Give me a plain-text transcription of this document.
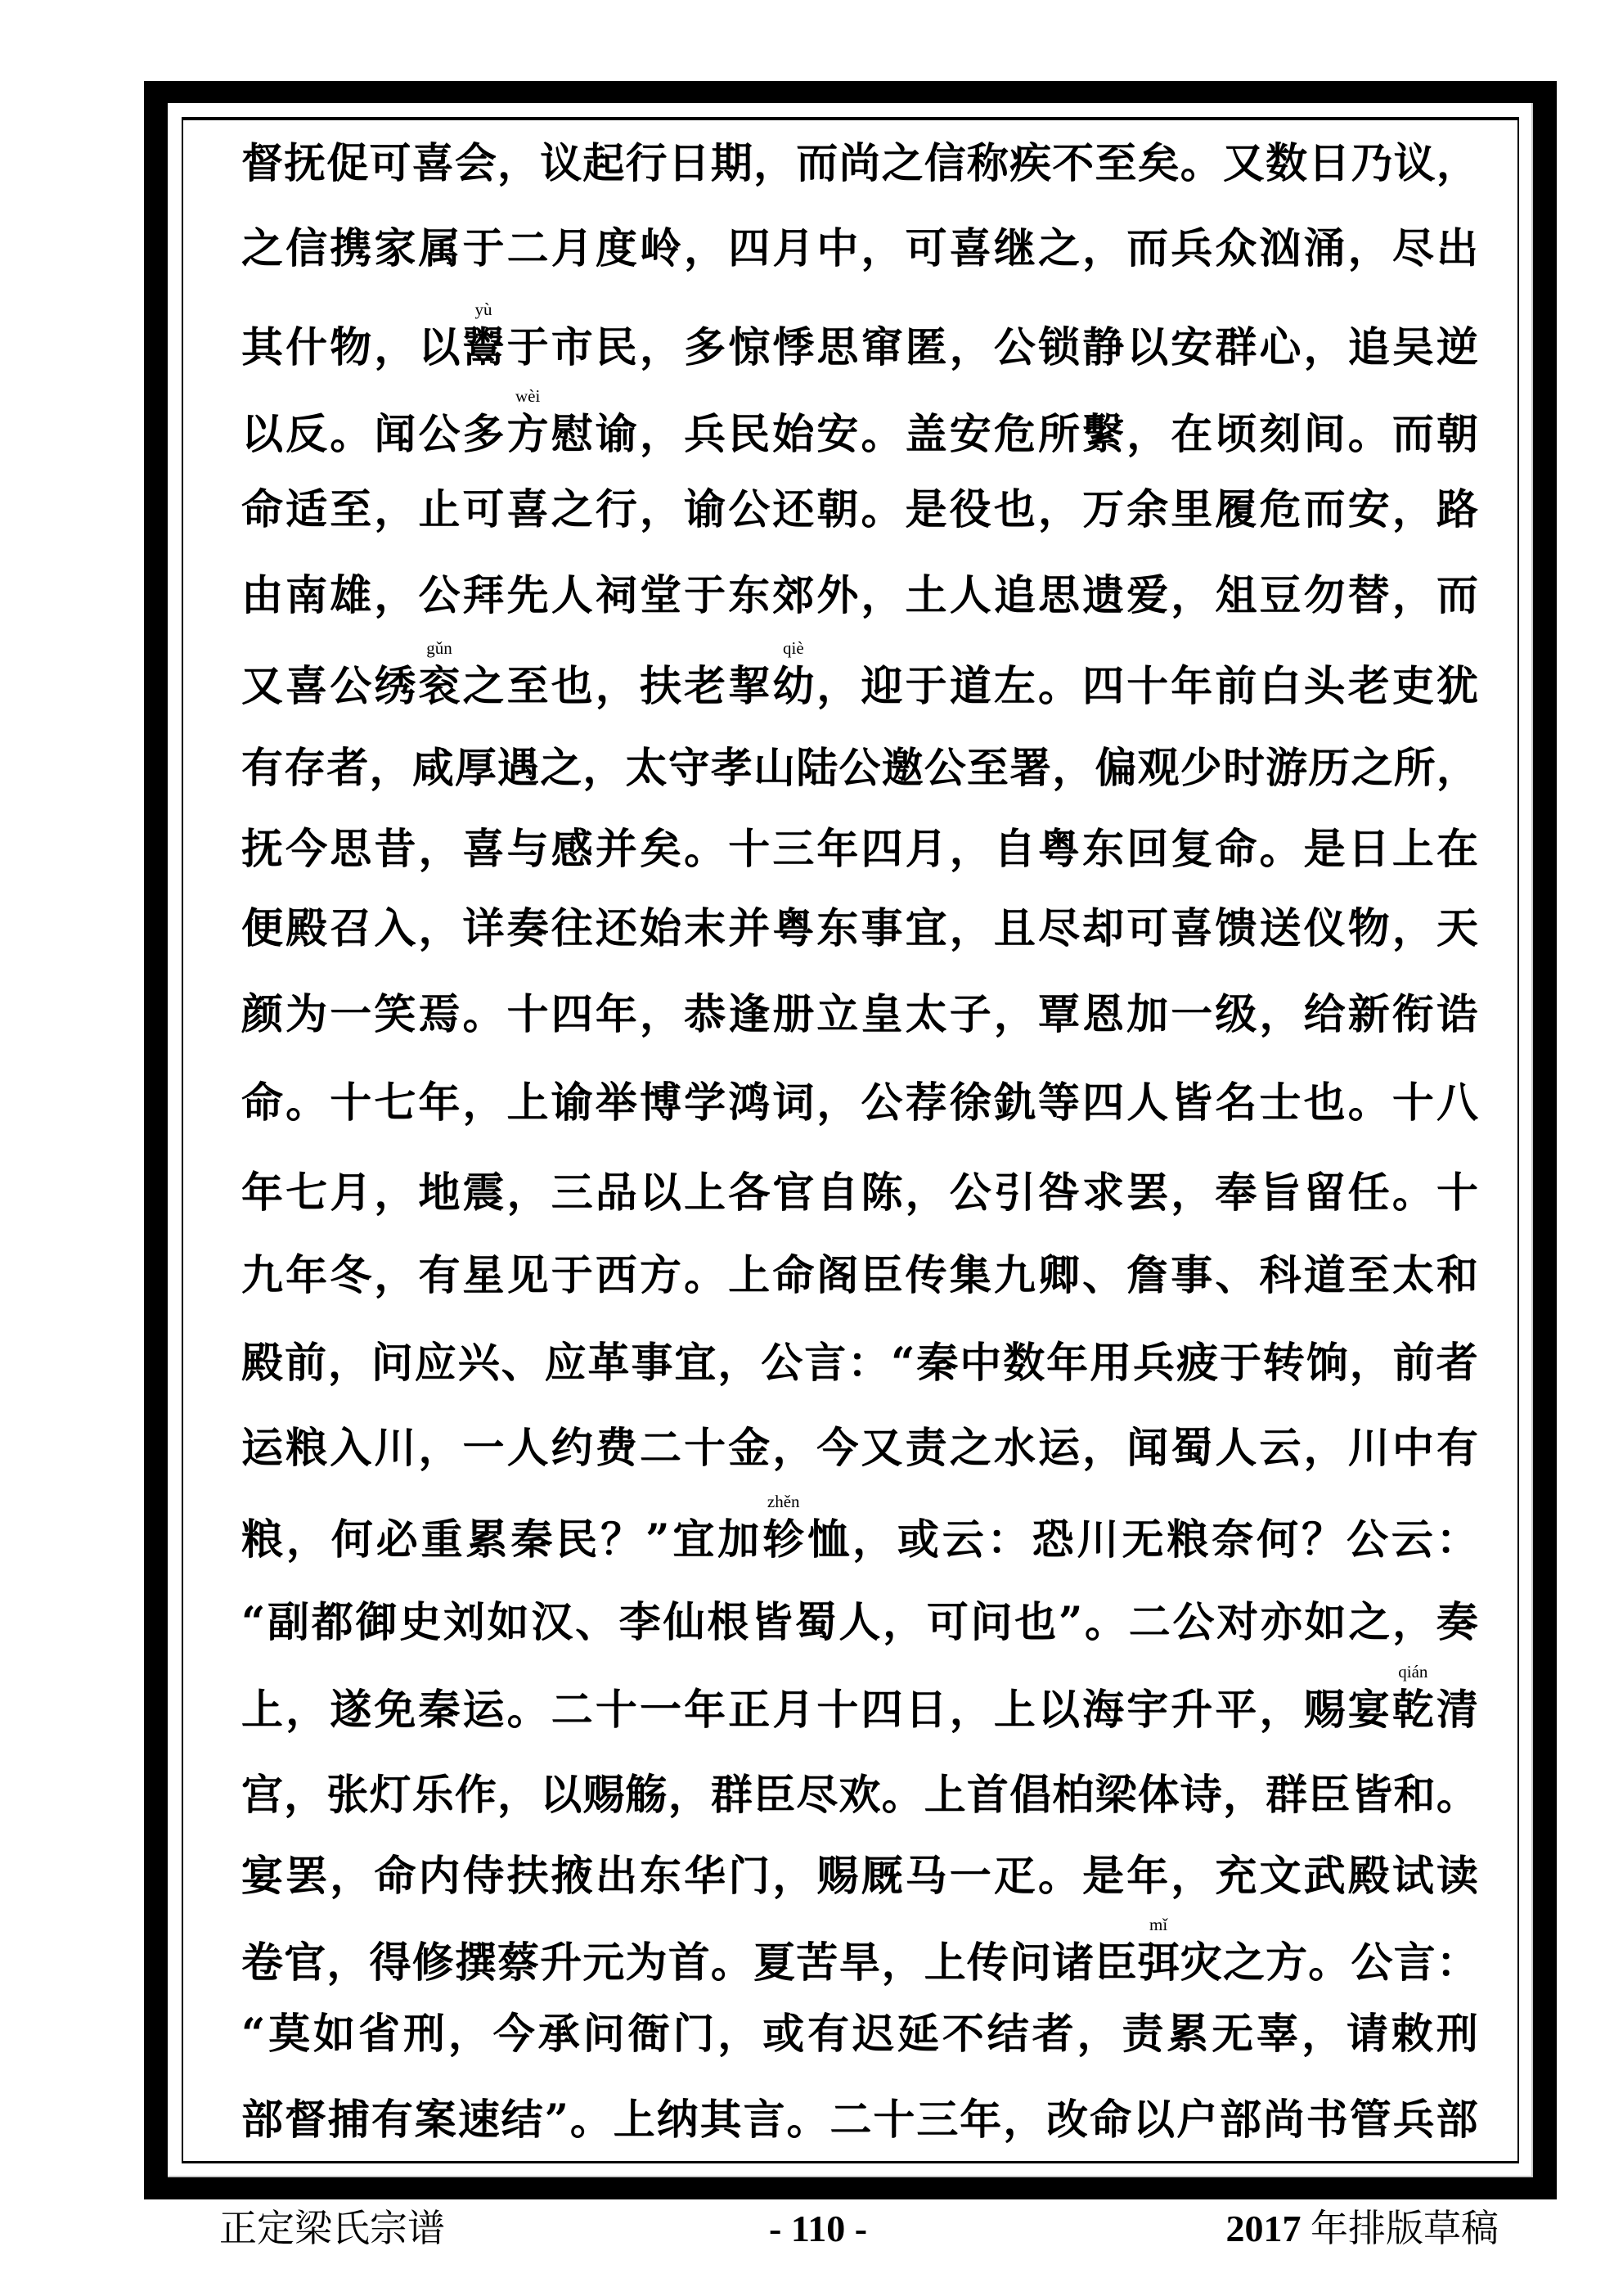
督 抚 促 可 喜 会 ， 议 起 行 日 期 ， 而 尚 之 信 称 疾 不 至 矣 。 又 数 日 乃 议 ，
之 信 携 家 属 于 二 月 度 岭 ， 四 月 中 ， 可 喜 继 之 ， 而 兵 众 汹 涌 ， 尽 出
其 什 物 ， 以 鬻
yù
于 市 民 ， 多 惊 悸 思 窜 匿 ， 公 锁 静 以 安 群 心 ， 追 吴 逆
以 反 。 闻 公 多 方
wèi
慰 谕 ， 兵 民 始 安 。 盖 安 危 所 繫 ， 在 顷 刻 间 。 而 朝
命 适 至 ， 止 可 喜 之 行 ， 谕 公 还 朝 。 是 役 也 ， 万 余 里 履 危 而 安 ， 路
由 南 雄 ， 公 拜 先 人 祠 堂 于 东 郊 外 ， 土 人 追 思 遗 爱 ， 俎 豆 勿 替 ， 而
又 喜 公 绣 衮
gǔn
之 至 也 ， 扶 老 挈 幼
qiè
， 迎 于 道 左 。 四 十 年 前 白 头 老 吏 犹
有 存 者 ， 咸 厚 遇 之 ， 太 守 孝 山 陆 公 邀 公 至 署 ， 偏 观 少 时 游 历 之 所 ，
抚 今 思 昔 ， 喜 与 感 并 矣 。 十 三 年 四 月 ， 自 粤 东 回 复 命 。 是 日 上 在
便 殿 召 入 ， 详 奏 往 还 始 末 并 粤 东 事 宜 ， 且 尽 却 可 喜 馈 送 仪 物 ， 天
颜 为 一 笑 焉 。 十 四 年 ， 恭 逢 册 立 皇 太 子 ， 覃 恩 加 一 级 ， 给 新 衔 诰
命 。 十 七 年 ， 上 谕 举 博 学 鸿 词 ， 公 荐 徐 釚 等 四 人 皆 名 士 也 。 十 八
年 七 月 ， 地 震 ， 三 品 以 上 各 官 自 陈 ， 公 引 咎 求 罢 ， 奉 旨 留 任 。 十
九 年 冬 ， 有 星 见 于 西 方 。 上 命 阁 臣 传 集 九 卿 、 詹 事 、 科 道 至 太 和
殿 前 ， 问 应 兴 、 应 革 事 宜 ， 公 言 ： “ 秦 中 数 年 用 兵 疲 于 转 饷 ， 前 者
运 粮 入 川 ， 一 人 约 费 二 十 金 ， 今 又 责 之 水 运 ， 闻 蜀 人 云 ， 川 中 有
粮 ， 何 必 重 累 秦 民 ？ ” 宜 加 轸
zhěn
恤 ， 或 云 ： 恐 川 无 粮 奈 何 ？ 公 云 ：
“ 副 都 御 史 刘 如 汉 、 李 仙 根 皆 蜀 人 ， 可 问 也 ” 。 二 公 对 亦 如 之 ， 奏
上 ， 遂 免 秦 运 。 二 十 一 年 正 月 十 四 日 ， 上 以 海 宇 升 平 ， 赐 宴 乾
qián
清
宫 ， 张 灯 乐 作 ， 以 赐 觞 ， 群 臣 尽 欢 。 上 首 倡 柏 梁 体 诗 ， 群 臣 皆 和 。
宴 罢 ， 命 内 侍 扶 掖 出 东 华 门 ， 赐 厩 马 一 疋 。 是 年 ， 充 文 武 殿 试 读
卷 官 ， 得 修 撰 蔡 升 元 为 首 。 夏 苦 旱 ， 上 传 问 诸 臣 弭
mǐ
灾 之 方 。 公 言 ：
“ 莫 如 省 刑 ， 今 承 问 衙 门 ， 或 有 迟 延 不 结 者 ， 责 累 无 辜 ， 请 敕 刑
部 督 捕 有 案 速 结 ” 。 上 纳 其 言 。 二 十 三 年 ， 改 命 以 户 部 尚 书 管 兵 部
正定梁氏宗谱	- 110 -	2017 年排版草稿
